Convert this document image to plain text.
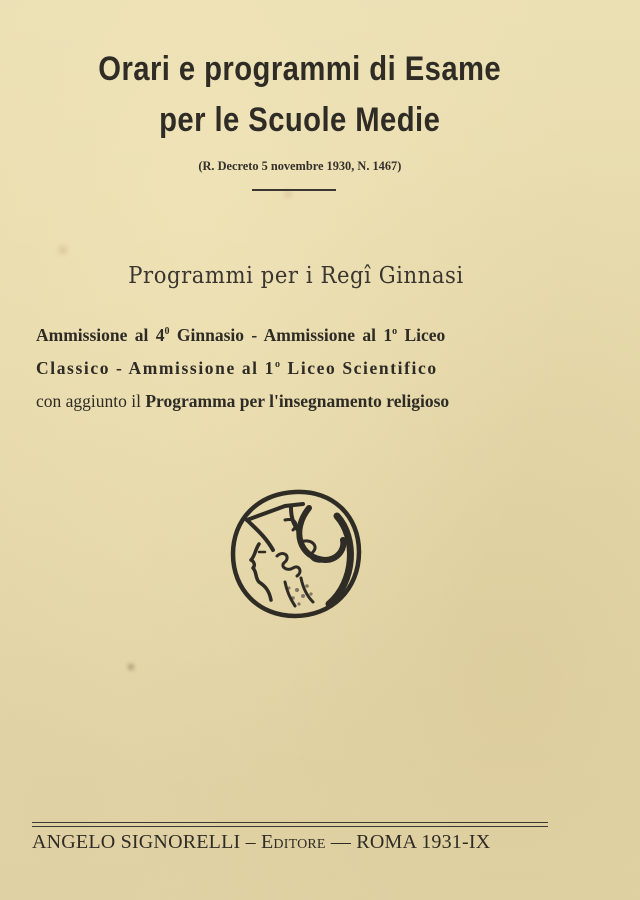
Orari e programmi di Esame
per le Scuole Medie
(R. Decreto 5 novembre 1930, N. 1467)
Programmi per i Regî Ginnasi
Ammissione al $4^0$ Ginnasio - Ammissione al 1$^o$ Liceo
Classico - Ammissione al 1$^o$ Liceo Scientifico
con aggiunto il Programma per l'insegnamento religioso
ANGELO SIGNORELLI – Editore — ROMA 1931-IX
